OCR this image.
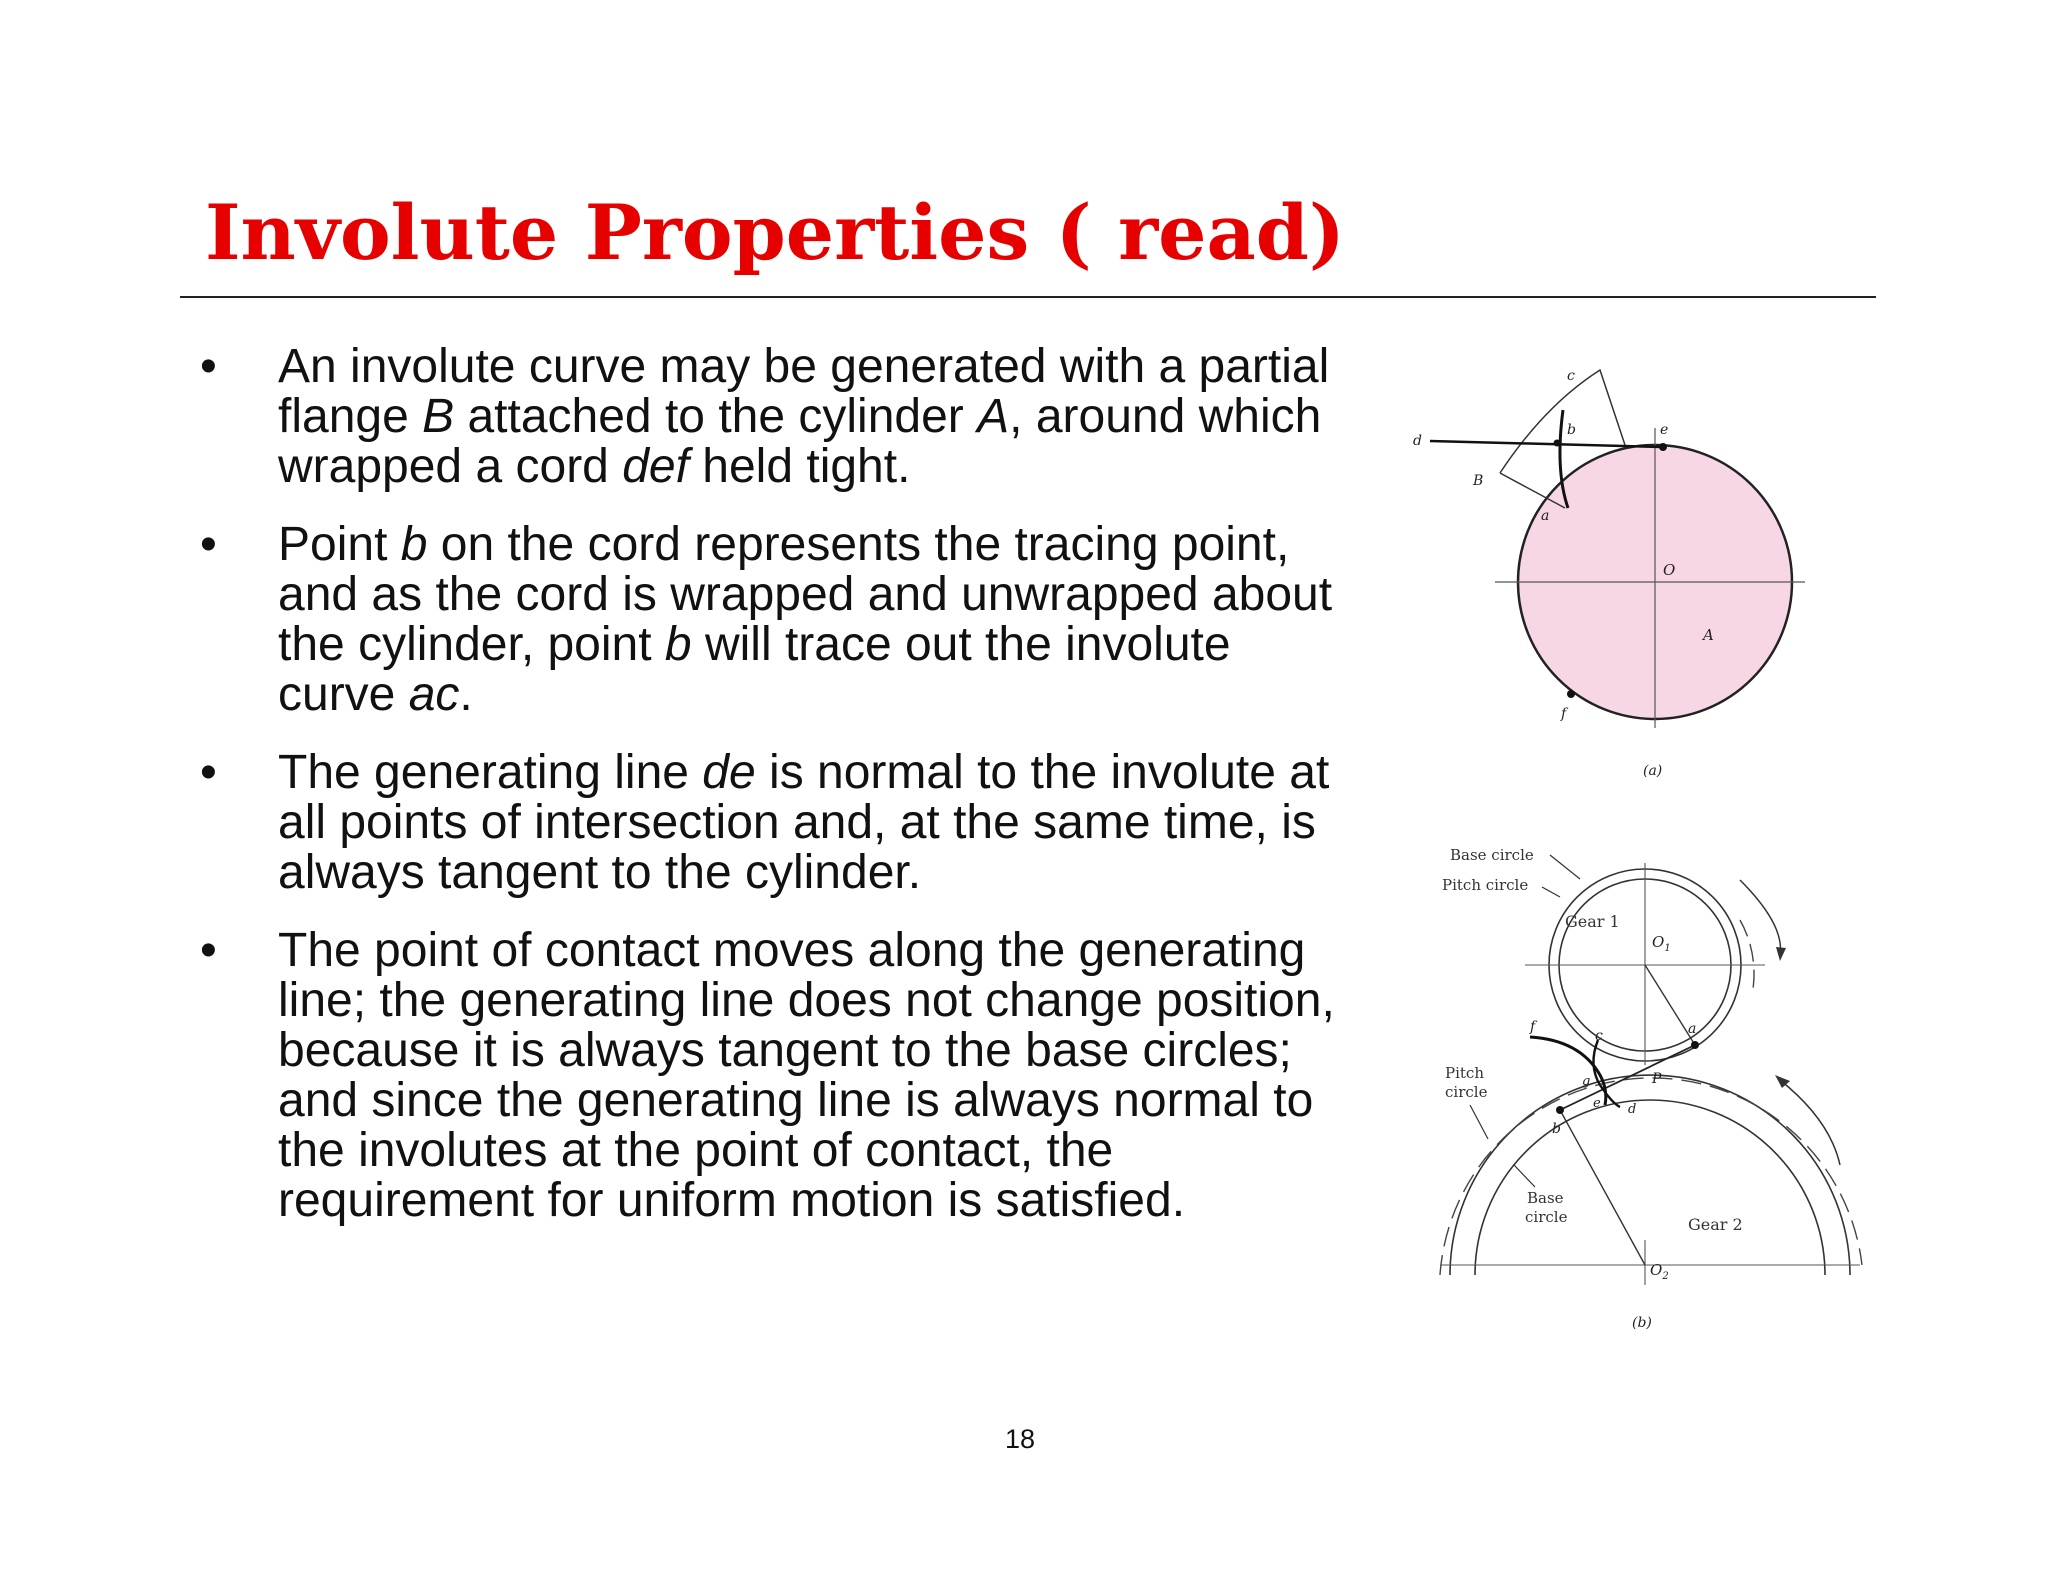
Involute Properties ( read)
•	An involute curve may be generated with a partial flange B attached to the cylinder A, around which wrapped a cord def held tight.
•	Point b on the cord represents the tracing point, and as the cord is wrapped and unwrapped about the cylinder, point b will trace out the involute curve ac.
•	The generating line de is normal to the involute at all points of intersection and, at the same time, is always tangent to the cylinder.
•	The point of contact moves along the generating line; the generating line does not change position, because it is always tangent to the base circles; and since the generating line is always normal to the involutes at the point of contact, the requirement for uniform motion is satisfied.
c
b
d
e
B
a
O
A
f
(a)
Base circle
Pitch circle
Gear 1
$O_1$
a
c
f
g	P
e d
b
Pitch
circle
Base
circle	Gear 2
$O_2$
(b)
18
